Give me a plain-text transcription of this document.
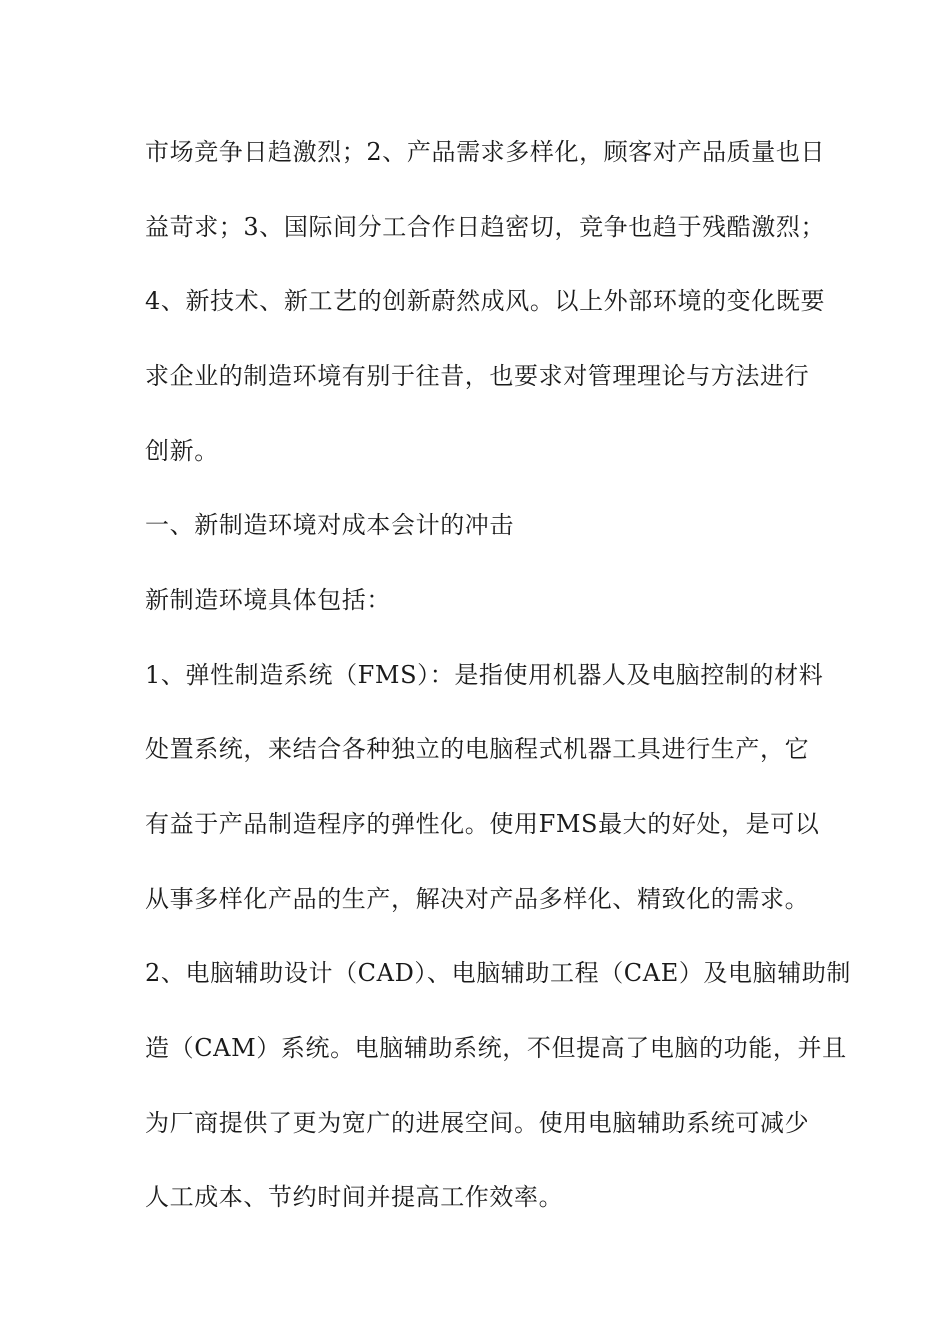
市场竞争日趋激烈；2、产品需求多样化，顾客对产品质量也日
益苛求；3、国际间分工合作日趋密切，竞争也趋于残酷激烈；
4、新技术、新工艺的创新蔚然成风。以上外部环境的变化既要
求企业的制造环境有别于往昔，也要求对管理理论与方法进行
创新。
一、新制造环境对成本会计的冲击
新制造环境具体包括：
1、弹性制造系统（FMS）：是指使用机器人及电脑控制的材料
处置系统，来结合各种独立的电脑程式机器工具进行生产，它
有益于产品制造程序的弹性化。使用FMS最大的好处，是可以
从事多样化产品的生产，解决对产品多样化、精致化的需求。
2、电脑辅助设计（CAD）、电脑辅助工程（CAE）及电脑辅助制
造（CAM）系统。电脑辅助系统，不但提高了电脑的功能，并且
为厂商提供了更为宽广的进展空间。使用电脑辅助系统可减少
人工成本、节约时间并提高工作效率。
